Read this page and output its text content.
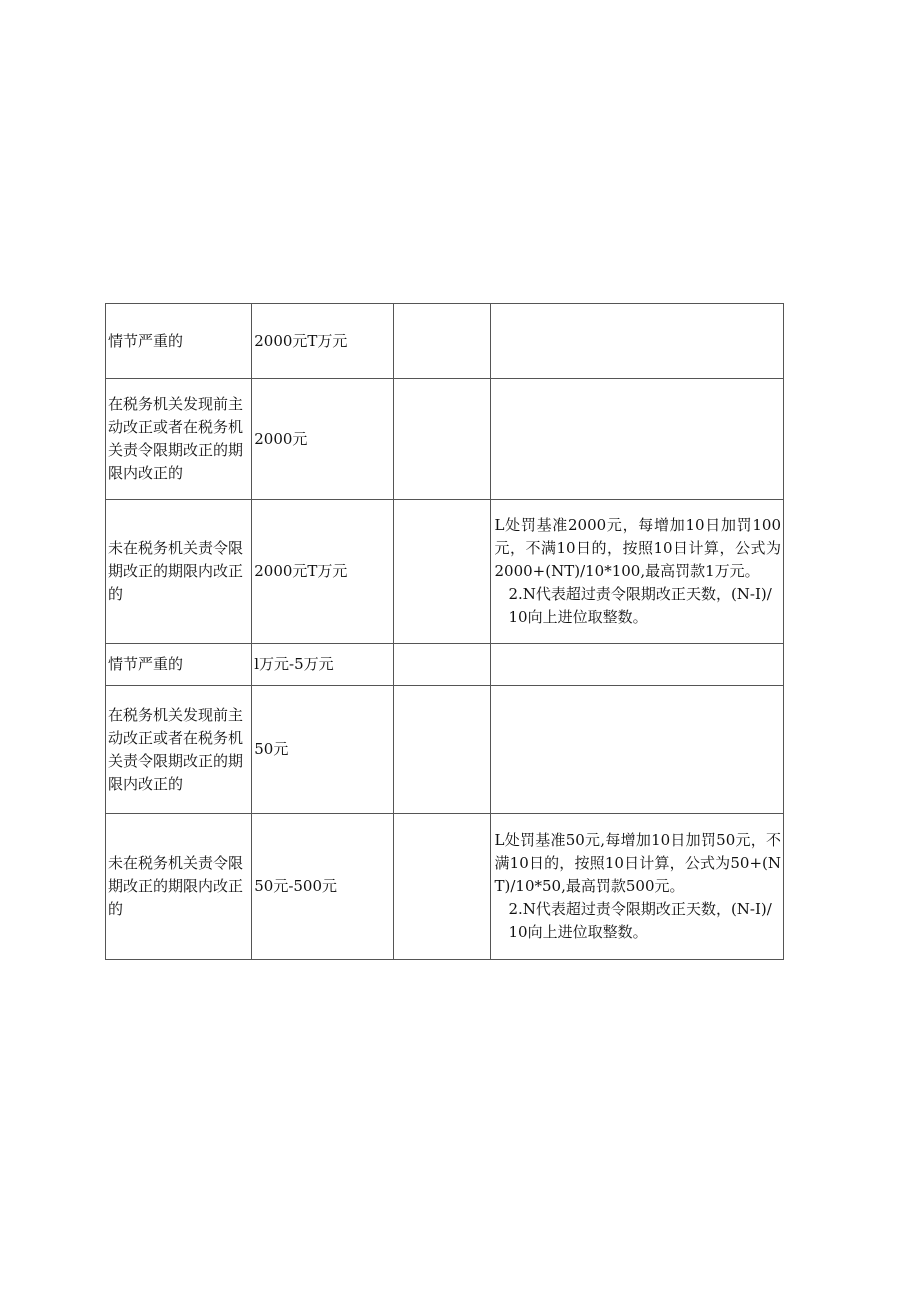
情节严重的	2000元T万元		

在税务机关发现前主动改正或者在税务机关责令限期改正的期限内改正的	2000元		

未在税务机关责令限期改正的期限内改正的	2000元T万元		L处罚基准2000元，每增加10日加罚100元，不满10日的，按照10日计算，公式为2000+(NT)/10*100,最高罚款1万元。
2.N代表超过责令限期改正天数，(N-I)/10向上进位取整数。

情节严重的	l万元-5万元		

在税务机关发现前主动改正或者在税务机关责令限期改正的期限内改正的	50元		

未在税务机关责令限期改正的期限内改正的	50元-500元		L处罚基准50元,每增加10日加罚50元，不满10日的，按照10日计算，公式为50+(NT)/10*50,最高罚款500元。
2.N代表超过责令限期改正天数，(N-I)/10向上进位取整数。
